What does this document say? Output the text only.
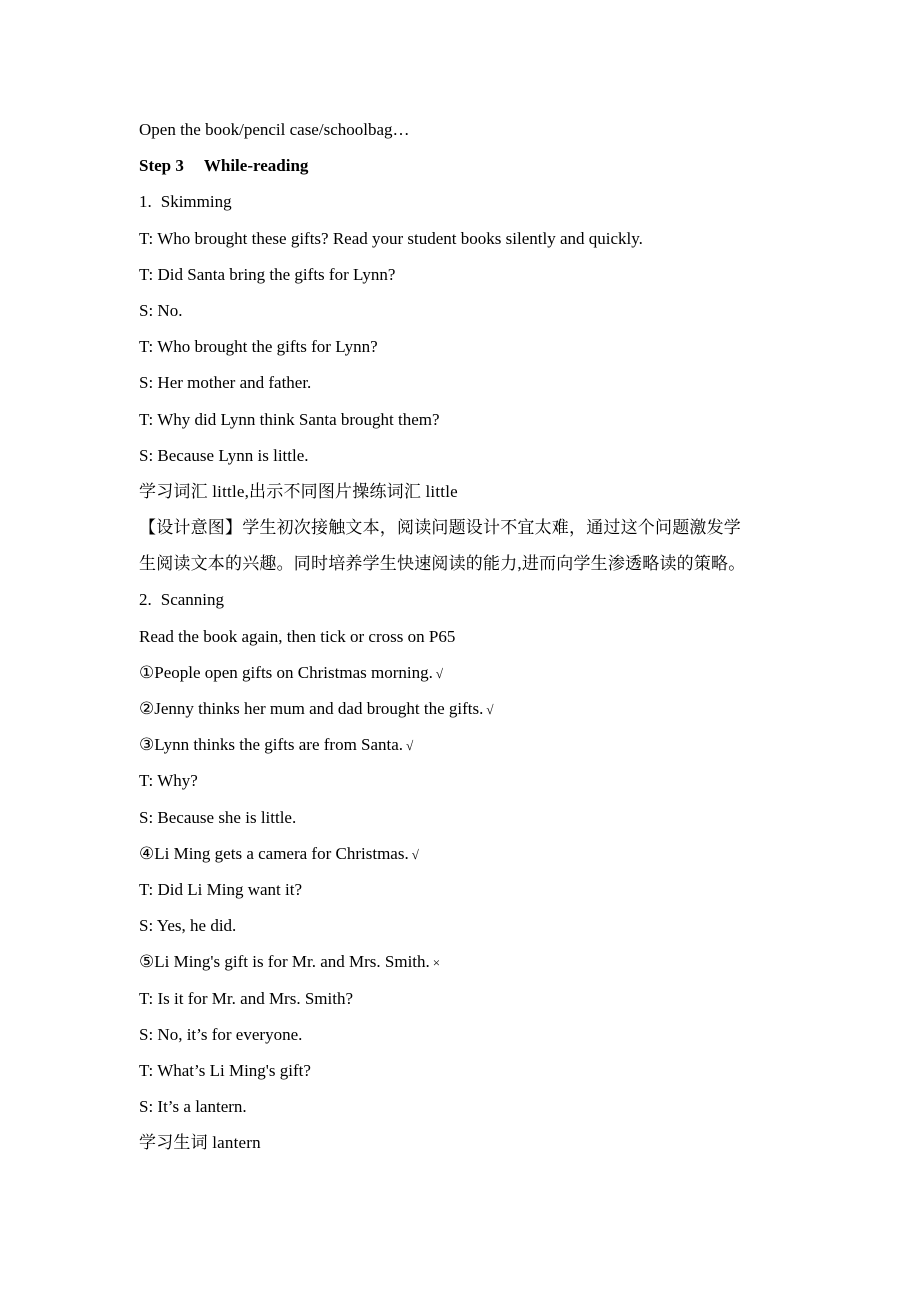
Open the book/pencil case/schoolbag…
Step 3 While-reading
1. Skimming
T: Who brought these gifts? Read your student books silently and quickly.
T: Did Santa bring the gifts for Lynn?
S: No.
T: Who brought the gifts for Lynn?
S: Her mother and father.
T: Why did Lynn think Santa brought them?
S: Because Lynn is little.
学习词汇 little,出示不同图片操练词汇 little
【设计意图】学生初次接触文本，阅读问题设计不宜太难，通过这个问题激发学
生阅读文本的兴趣。同时培养学生快速阅读的能力,进而向学生渗透略读的策略。
2. Scanning
Read the book again, then tick or cross on P65
①People open gifts on Christmas morning. √
②Jenny thinks her mum and dad brought the gifts. √
③Lynn thinks the gifts are from Santa. √
T: Why?
S: Because she is little.
④Li Ming gets a camera for Christmas. √
T: Did Li Ming want it?
S: Yes, he did.
⑤Li Ming's gift is for Mr. and Mrs. Smith. ×
T: Is it for Mr. and Mrs. Smith?
S: No, it’s for everyone.
T: What’s Li Ming's gift?
S: It’s a lantern.
学习生词 lantern
